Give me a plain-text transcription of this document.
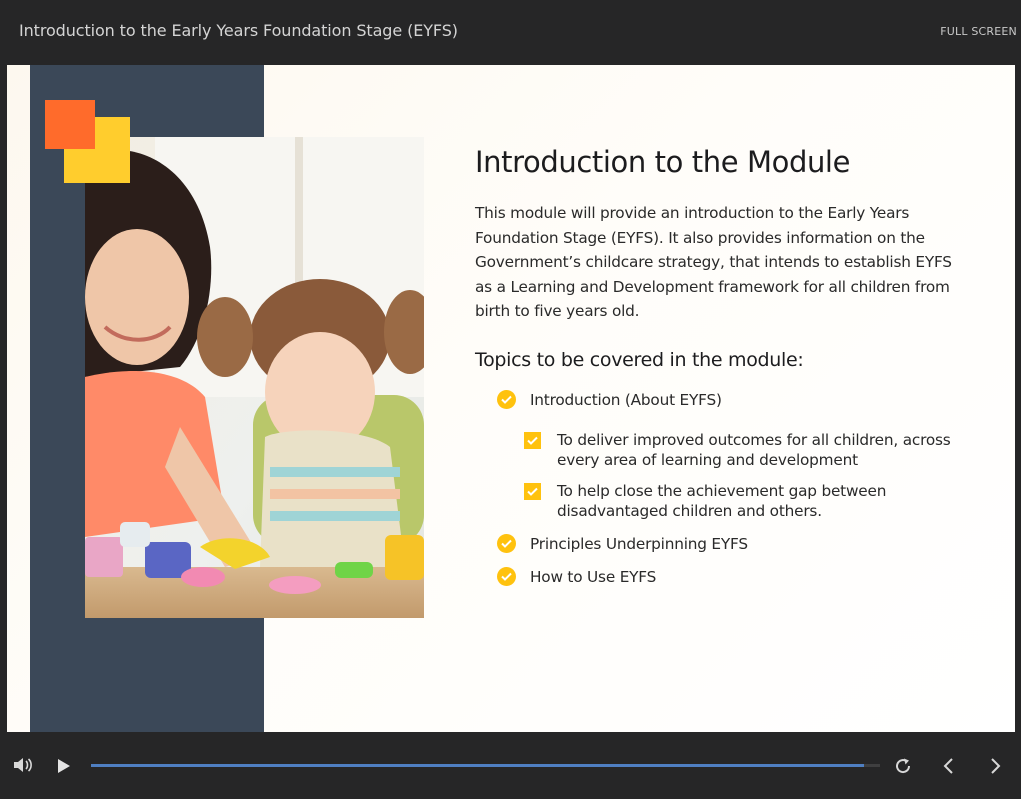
Introduction to the Early Years Foundation Stage (EYFS)	FULL SCREEN
Introduction to the Module
This module will provide an introduction to the Early Years
Foundation Stage (EYFS). It also provides information on the
Government’s childcare strategy, that intends to establish EYFS
as a Learning and Development framework for all children from
birth to five years old.
Topics to be covered in the module:
Introduction (About EYFS)
To deliver improved outcomes for all children, across
every area of learning and development
To help close the achievement gap between
disadvantaged children and others.
Principles Underpinning EYFS
How to Use EYFS
